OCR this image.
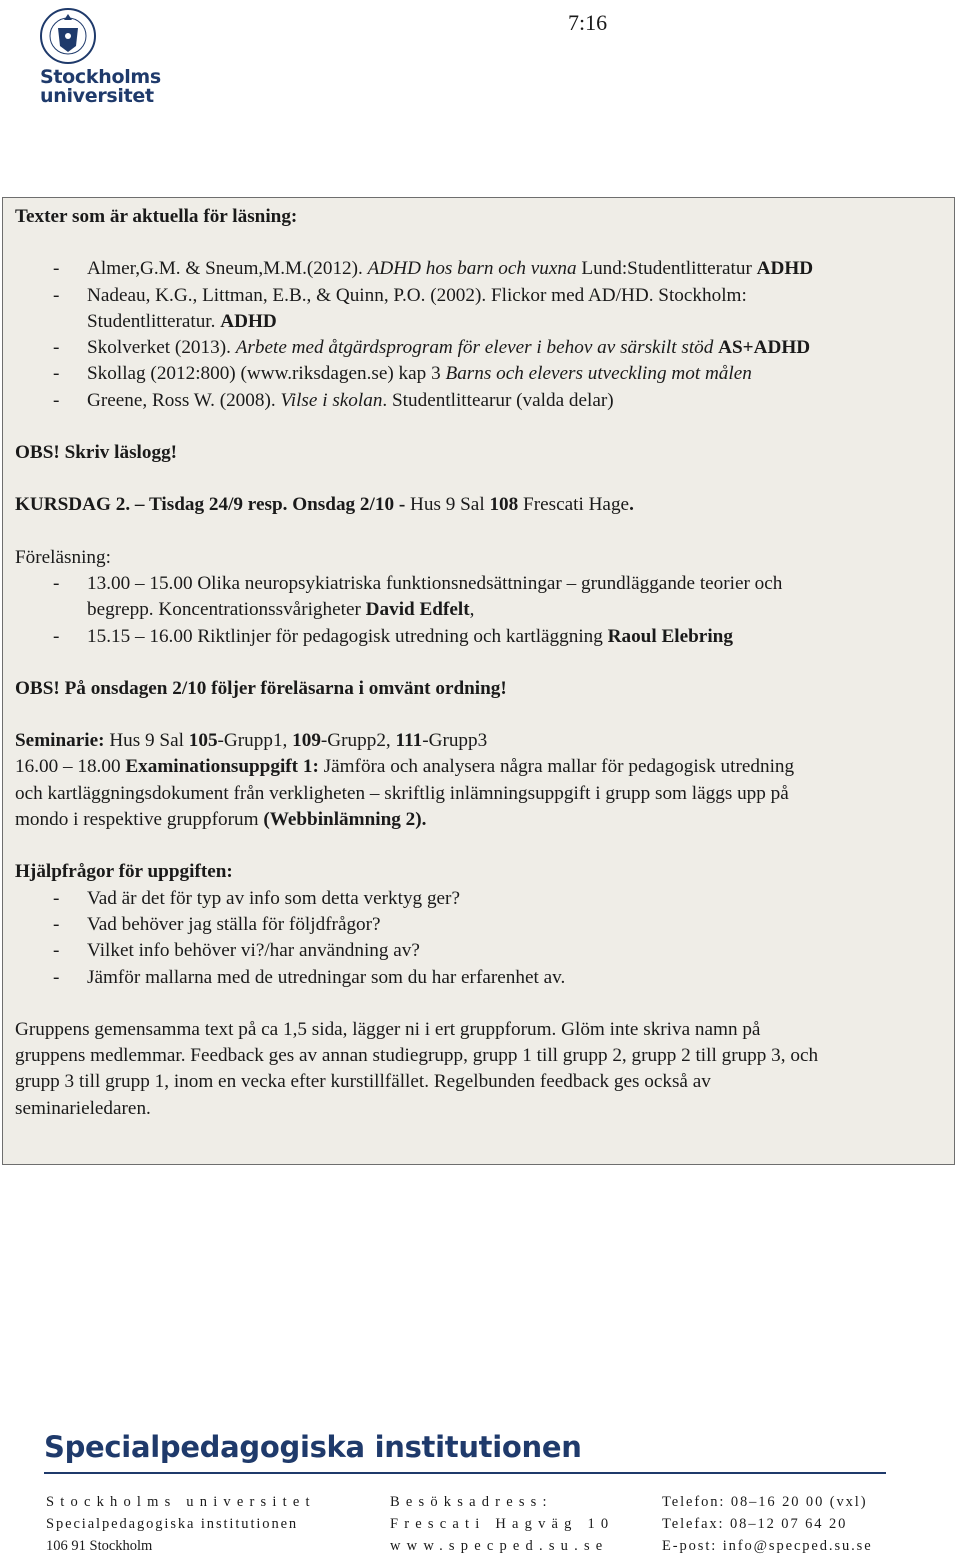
Stockholms
universitet
7:16

Texter som är aktuella för läsning:

- Almer,G.M. & Sneum,M.M.(2012). ADHD hos barn och vuxna Lund:Studentlitteratur ADHD
- Nadeau, K.G., Littman, E.B., & Quinn, P.O. (2002). Flickor med AD/HD. Stockholm:
Studentlitteratur. ADHD
- Skolverket (2013). Arbete med åtgärdsprogram för elever i behov av särskilt stöd AS+ADHD
- Skollag (2012:800) (www.riksdagen.se) kap 3 Barns och elevers utveckling mot målen
- Greene, Ross W. (2008). Vilse i skolan. Studentlittearur (valda delar)

OBS! Skriv läslogg!

KURSDAG 2. – Tisdag 24/9 resp. Onsdag 2/10 - Hus 9 Sal 108 Frescati Hage.

Föreläsning:

- 13.00 – 15.00 Olika neuropsykiatriska funktionsnedsättningar – grundläggande teorier och
begrepp. Koncentrationssvårigheter David Edfelt,
- 15.15 – 16.00 Riktlinjer för pedagogisk utredning och kartläggning Raoul Elebring

OBS! På onsdagen 2/10 följer föreläsarna i omvänt ordning!

Seminarie: Hus 9 Sal 105-Grupp1, 109-Grupp2, 111-Grupp3

16.00 – 18.00 Examinationsuppgift 1: Jämföra och analysera några mallar för pedagogisk utredning

och kartläggningsdokument från verkligheten – skriftlig inlämningsuppgift i grupp som läggs upp på

mondo i respektive gruppforum (Webbinlämning 2).

Hjälpfrågor för uppgiften:

- Vad är det för typ av info som detta verktyg ger?
- Vad behöver jag ställa för följdfrågor?
- Vilket info behöver vi?/har användning av?
- Jämför mallarna med de utredningar som du har erfarenhet av.

Gruppens gemensamma text på ca 1,5 sida, lägger ni i ert gruppforum. Glöm inte skriva namn på

gruppens medlemmar. Feedback ges av annan studiegrupp, grupp 1 till grupp 2, grupp 2 till grupp 3, och

grupp 3 till grupp 1, inom en vecka efter kurstillfället. Regelbunden feedback ges också av

seminarieledaren.

Specialpedagogiska institutionen
Stockholms universitet	Besöksadress:	Telefon: 08–16 20 00 (vxl)
Specialpedagogiska institutionen	Frescati Hagväg 10	Telefax: 08–12 07 64 20
106 91 Stockholm	www.specped.su.se	E-post: info@specped.su.se
